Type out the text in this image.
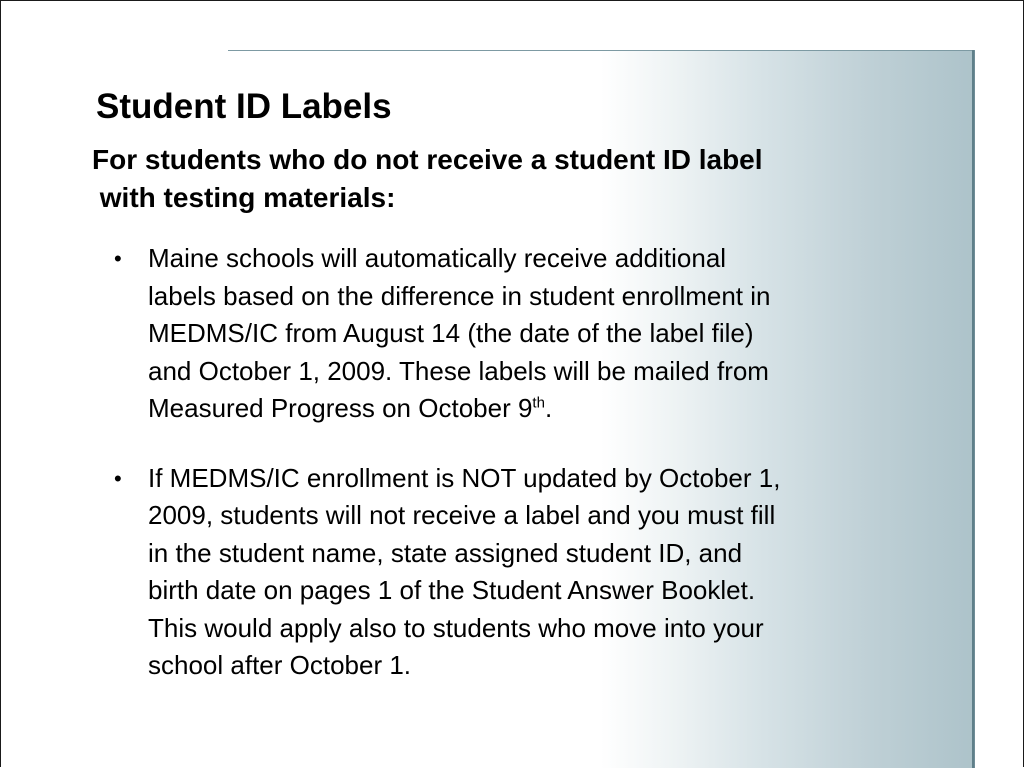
Student ID Labels
For students who do not receive a student ID label
with testing materials:
• Maine schools will automatically receive additional
labels based on the difference in student enrollment in
MEDMS/IC from August 14 (the date of the label file)
and October 1, 2009. These labels will be mailed from
Measured Progress on October 9th.
• If MEDMS/IC enrollment is NOT updated by October 1,
2009, students will not receive a label and you must fill
in the student name, state assigned student ID, and
birth date on pages 1 of the Student Answer Booklet.
This would apply also to students who move into your
school after October 1.
